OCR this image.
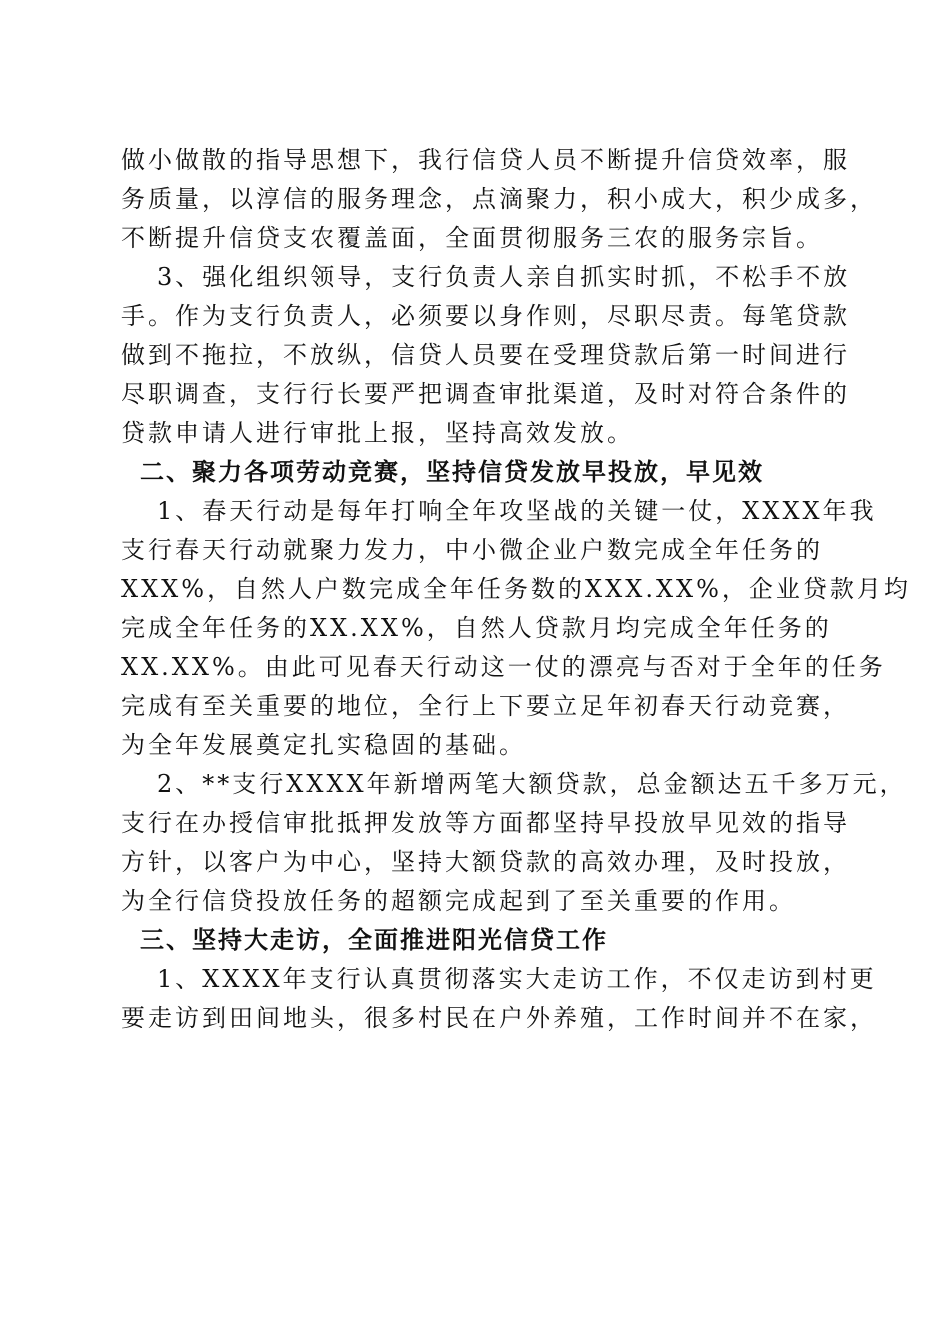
做小做散的指导思想下，我行信贷人员不断提升信贷效率，服
务质量，以淳信的服务理念，点滴聚力，积小成大，积少成多，
不断提升信贷支农覆盖面，全面贯彻服务三农的服务宗旨。
3、强化组织领导，支行负责人亲自抓实时抓，不松手不放
手。作为支行负责人，必须要以身作则，尽职尽责。每笔贷款
做到不拖拉，不放纵，信贷人员要在受理贷款后第一时间进行
尽职调查，支行行长要严把调查审批渠道，及时对符合条件的
贷款申请人进行审批上报，坚持高效发放。
二、聚力各项劳动竞赛，坚持信贷发放早投放，早见效
1、春天行动是每年打响全年攻坚战的关键一仗，XXXX年我
支行春天行动就聚力发力，中小微企业户数完成全年任务的
XXX%，自然人户数完成全年任务数的XXX.XX%，企业贷款月均
完成全年任务的XX.XX%，自然人贷款月均完成全年任务的
XX.XX%。由此可见春天行动这一仗的漂亮与否对于全年的任务
完成有至关重要的地位，全行上下要立足年初春天行动竞赛，
为全年发展奠定扎实稳固的基础。
2、**支行XXXX年新增两笔大额贷款，总金额达五千多万元，
支行在办授信审批抵押发放等方面都坚持早投放早见效的指导
方针，以客户为中心，坚持大额贷款的高效办理，及时投放，
为全行信贷投放任务的超额完成起到了至关重要的作用。
三、坚持大走访，全面推进阳光信贷工作
1、XXXX年支行认真贯彻落实大走访工作，不仅走访到村更
要走访到田间地头，很多村民在户外养殖，工作时间并不在家，
